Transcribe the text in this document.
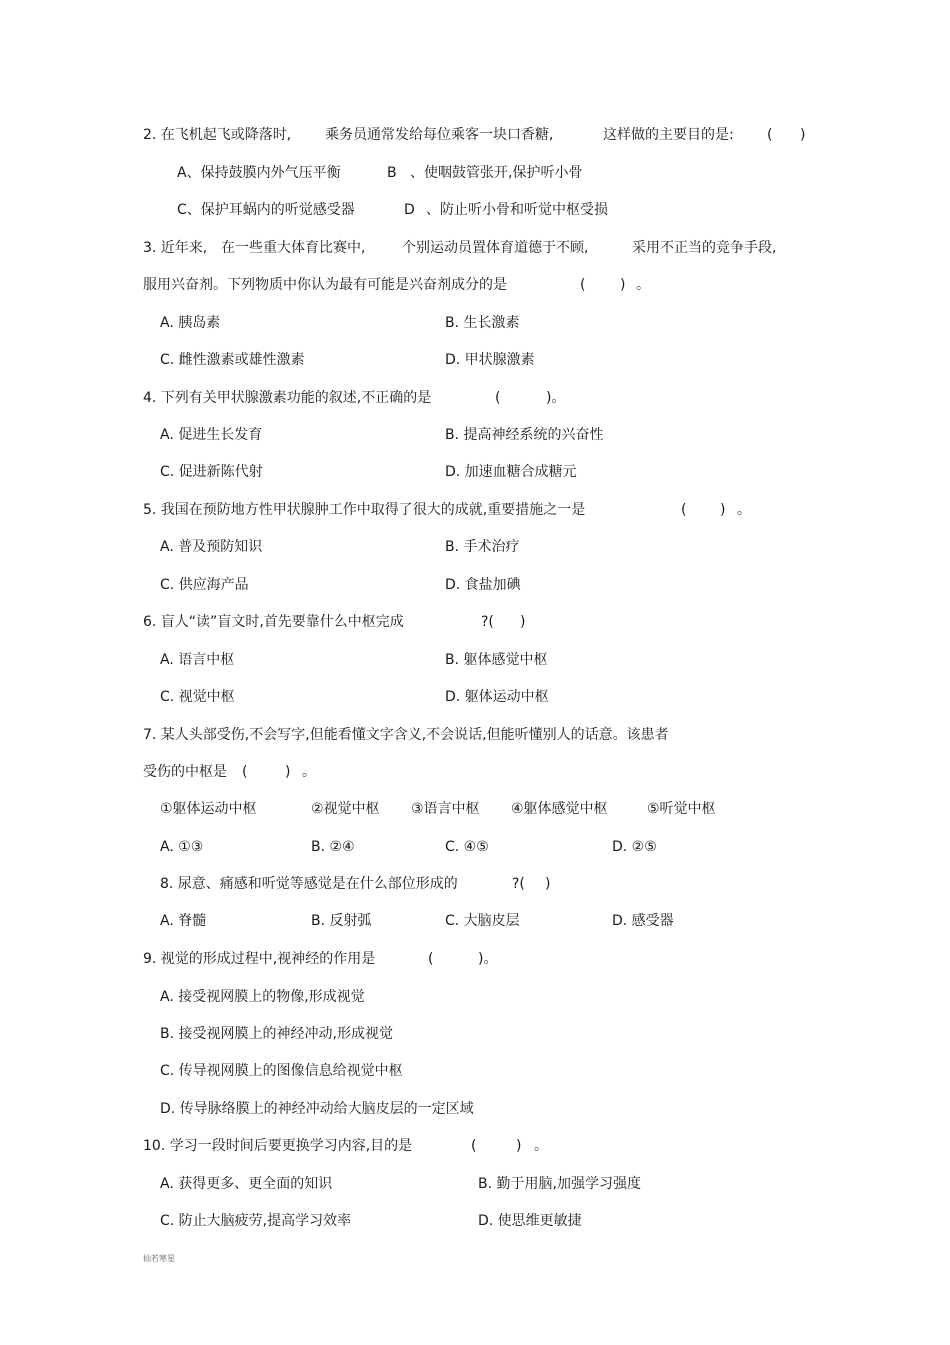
2. 在飞机起飞或降落时, 乘务员通常发给每位乘客一块口香糖,	这样做的主要目的是: ( )
A、保持鼓膜内外气压平衡	B 、使咽鼓管张开,保护听小骨
C、保护耳蜗内的听觉感受器	D 、防止听小骨和听觉中枢受损
3. 近年来, 在一些重大体育比赛中,	个别运动员置体育道德于不顾,	采用不正当的竞争手段,
服用兴奋剂。下列物质中你认为最有可能是兴奋剂成分的是	( ) 。
A. 胰岛素	B. 生长激素
C. 雌性激素或雄性激素	D. 甲状腺激素
4. 下列有关甲状腺激素功能的叙述,不正确的是	(	)。
A. 促进生长发育	B. 提高神经系统的兴奋性
C. 促进新陈代射	D. 加速血糖合成糖元
5. 我国在预防地方性甲状腺肿工作中取得了很大的成就,重要措施之一是	( ) 。
A. 普及预防知识	B. 手术治疗
C. 供应海产品	D. 食盐加碘
6. 盲人“读”盲文时,首先要靠什么中枢完成	?( )
A. 语言中枢	B. 躯体感觉中枢
C. 视觉中枢	D. 躯体运动中枢
7. 某人头部受伤,不会写字,但能看懂文字含义,不会说话,但能听懂别人的话意。该患者
受伤的中枢是 (	) 。
①躯体运动中枢	②视觉中枢 ③语言中枢 ④躯体感觉中枢	⑤听觉中枢
A. ①③	B. ②④	C. ④⑤	D. ②⑤
8. 尿意、痛感和听觉等感觉是在什么部位形成的	?( )
A. 脊髓	B. 反射弧	C. 大脑皮层	D. 感受器
9. 视觉的形成过程中,视神经的作用是	(	)。
A. 接受视网膜上的物像,形成视觉
B. 接受视网膜上的神经冲动,形成视觉
C. 传导视网膜上的图像信息给视觉中枢
D. 传导脉络膜上的神经冲动给大脑皮层的一定区域
10. 学习一段时间后要更换学习内容,目的是	(	) 。
A. 获得更多、更全面的知识	B. 勤于用脑,加强学习强度
C. 防止大脑疲劳,提高学习效率	D. 使思维更敏捷
仙若寒星
